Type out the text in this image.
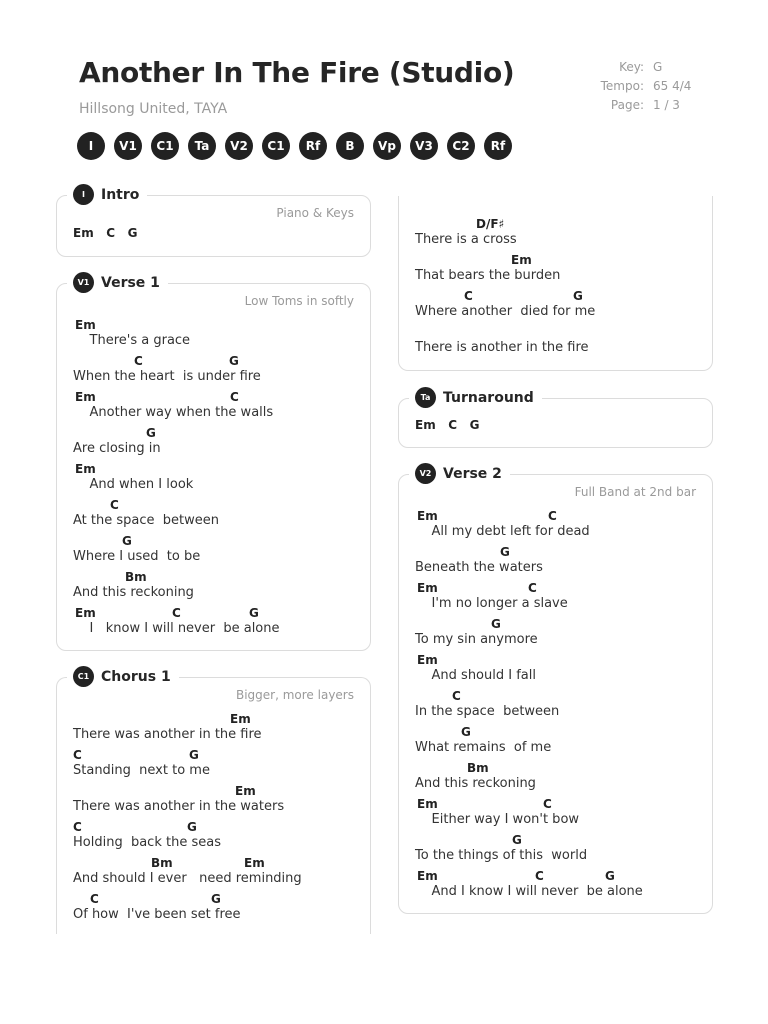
Another In The Fire (Studio)
Hillsong United, TAYA
Key:
Tempo:
Page:
G
65 4/4
1 / 3
I	V1	C1	Ta	V2	C1	Rf	B	Vp	V3	C2	Rf
I	Intro
Piano & Keys
Em   C   G
V1 Verse 1
Low Toms in softly
Em
There's a grace
C	G
When the heart  is under fire
Em	C
Another way when the walls
G
Are closing in
Em
And when I look
C
At the space  between
G
Where I used  to be
Bm
And this reckoning
Em	C	G
I   know I will never  be alone
C1 Chorus 1
Bigger, more layers
Em
There was another in the fire
C	G
Standing  next to me
Em
There was another in the waters
C	G
Holding  back the seas
Bm	Em
And should I ever   need reminding
C	G
Of how  I've been set free
D/F♯
There is a cross
Em
That bears the burden
C	G
Where another  died for me
There is another in the fire
Ta Turnaround
Em   C   G
V2 Verse 2
Full Band at 2nd bar
Em	C
All my debt left for dead
G
Beneath the waters
Em	C
I'm no longer a slave
G
To my sin anymore
Em
And should I fall
C
In the space  between
G
What remains  of me
Bm
And this reckoning
Em	C
Either way I won't bow
G
To the things of this  world
Em	C	G
And I know I will never  be alone
